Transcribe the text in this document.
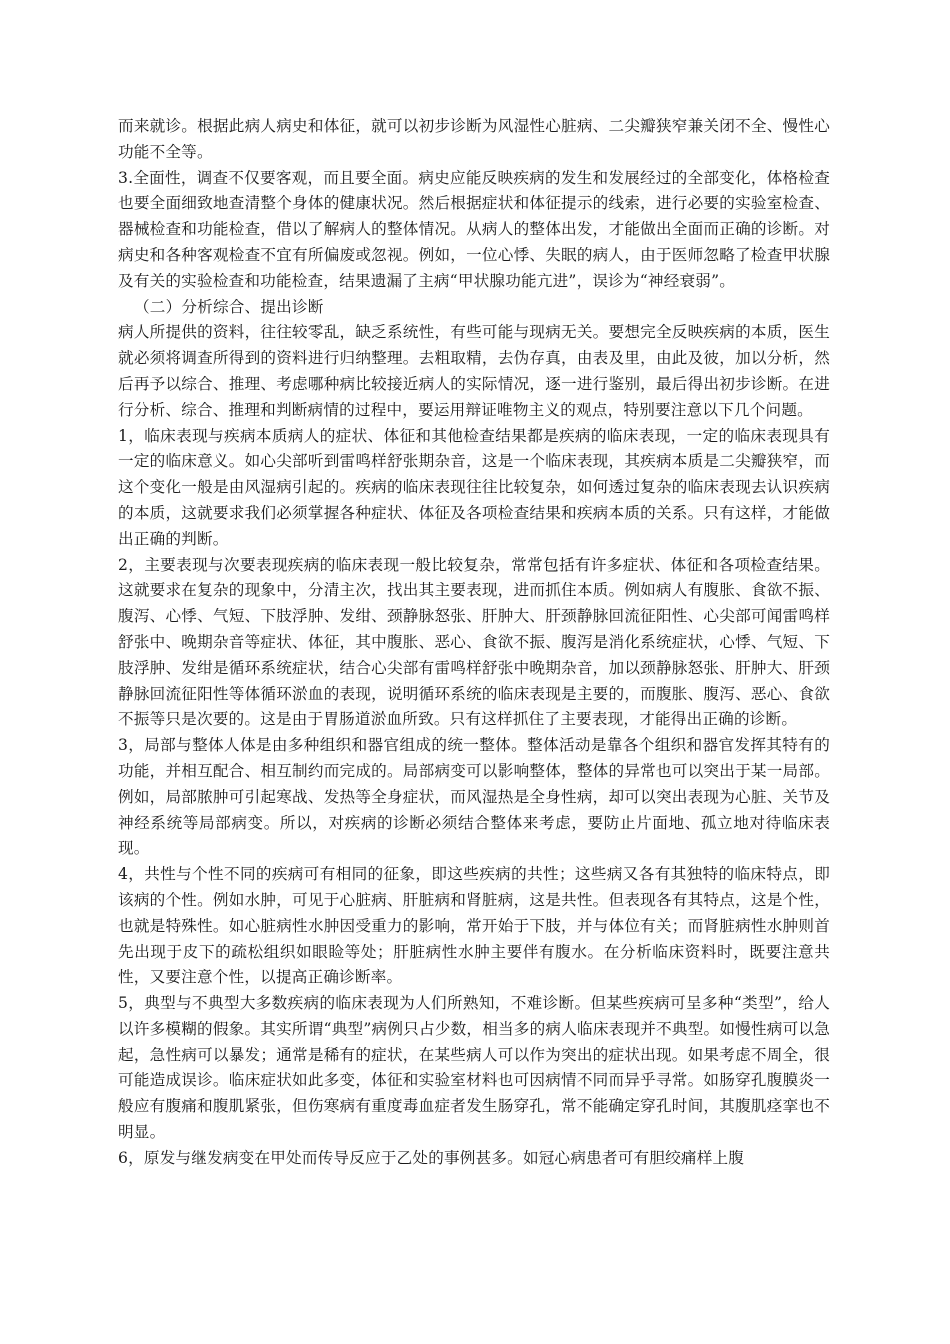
而来就诊。根据此病人病史和体征，就可以初步诊断为风湿性心脏病、二尖瓣狭窄兼关闭不全、慢性心功能不全等。

3.全面性，调查不仅要客观，而且要全面。病史应能反映疾病的发生和发展经过的全部变化，体格检查也要全面细致地查清整个身体的健康状况。然后根据症状和体征提示的线索，进行必要的实验室检查、器械检查和功能检查，借以了解病人的整体情况。从病人的整体出发，才能做出全面而正确的诊断。对病史和各种客观检查不宜有所偏废或忽视。例如，一位心悸、失眠的病人，由于医师忽略了检查甲状腺及有关的实验检查和功能检查，结果遗漏了主病“甲状腺功能亢进”，误诊为“神经衰弱”。

（二）分析综合、提出诊断

病人所提供的资料，往往较零乱，缺乏系统性，有些可能与现病无关。要想完全反映疾病的本质，医生就必须将调查所得到的资料进行归纳整理。去粗取精，去伪存真，由表及里，由此及彼，加以分析，然后再予以综合、推理、考虑哪种病比较接近病人的实际情况，逐一进行鉴别，最后得出初步诊断。在进行分析、综合、推理和判断病情的过程中，要运用辩证唯物主义的观点，特别要注意以下几个问题。

1，临床表现与疾病本质病人的症状、体征和其他检查结果都是疾病的临床表现，一定的临床表现具有一定的临床意义。如心尖部听到雷鸣样舒张期杂音，这是一个临床表现，其疾病本质是二尖瓣狭窄，而这个变化一般是由风湿病引起的。疾病的临床表现往往比较复杂，如何透过复杂的临床表现去认识疾病的本质，这就要求我们必须掌握各种症状、体征及各项检查结果和疾病本质的关系。只有这样，才能做出正确的判断。

2，主要表现与次要表现疾病的临床表现一般比较复杂，常常包括有许多症状、体征和各项检查结果。这就要求在复杂的现象中，分清主次，找出其主要表现，进而抓住本质。例如病人有腹胀、食欲不振、腹泻、心悸、气短、下肢浮肿、发绀、颈静脉怒张、肝肿大、肝颈静脉回流征阳性、心尖部可闻雷鸣样舒张中、晚期杂音等症状、体征，其中腹胀、恶心、食欲不振、腹泻是消化系统症状，心悸、气短、下肢浮肿、发绀是循环系统症状，结合心尖部有雷鸣样舒张中晚期杂音，加以颈静脉怒张、肝肿大、肝颈静脉回流征阳性等体循环淤血的表现，说明循环系统的临床表现是主要的，而腹胀、腹泻、恶心、食欲不振等只是次要的。这是由于胃肠道淤血所致。只有这样抓住了主要表现，才能得出正确的诊断。

3，局部与整体人体是由多种组织和器官组成的统一整体。整体活动是靠各个组织和器官发挥其特有的功能，并相互配合、相互制约而完成的。局部病变可以影响整体，整体的异常也可以突出于某一局部。例如，局部脓肿可引起寒战、发热等全身症状，而风湿热是全身性病，却可以突出表现为心脏、关节及神经系统等局部病变。所以，对疾病的诊断必须结合整体来考虑，要防止片面地、孤立地对待临床表现。

4，共性与个性不同的疾病可有相同的征象，即这些疾病的共性；这些病又各有其独特的临床特点，即该病的个性。例如水肿，可见于心脏病、肝脏病和肾脏病，这是共性。但表现各有其特点，这是个性，也就是特殊性。如心脏病性水肿因受重力的影响，常开始于下肢，并与体位有关；而肾脏病性水肿则首先出现于皮下的疏松组织如眼睑等处；肝脏病性水肿主要伴有腹水。在分析临床资料时，既要注意共性，又要注意个性，以提高正确诊断率。

5，典型与不典型大多数疾病的临床表现为人们所熟知，不难诊断。但某些疾病可呈多种“类型”，给人以许多模糊的假象。其实所谓“典型”病例只占少数，相当多的病人临床表现并不典型。如慢性病可以急起，急性病可以暴发；通常是稀有的症状，在某些病人可以作为突出的症状出现。如果考虑不周全，很可能造成误诊。临床症状如此多变，体征和实验室材料也可因病情不同而异乎寻常。如肠穿孔腹膜炎一般应有腹痛和腹肌紧张，但伤寒病有重度毒血症者发生肠穿孔，常不能确定穿孔时间，其腹肌痉挛也不明显。

6，原发与继发病变在甲处而传导反应于乙处的事例甚多。如冠心病患者可有胆绞痛样上腹
